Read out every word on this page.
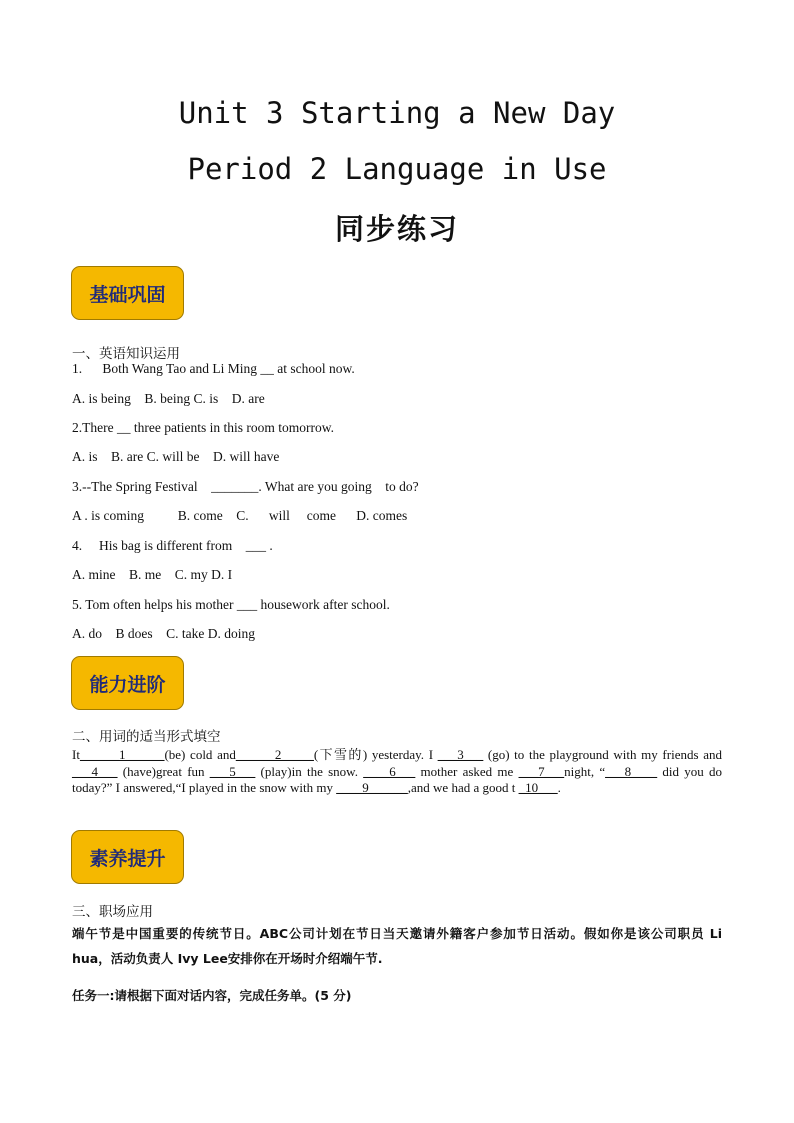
Unit 3 Starting a New Day
Period 2 Language in Use
同步练习
基础巩固
一、英语知识运用
1.      Both Wang Tao and Li Ming __ at school now.
A. is being    B. being C. is    D. are
2.There __ three patients in this room tomorrow.
A. is    B. are C. will be    D. will have
3.--The Spring Festival    _______. What are you going    to do?
A . is coming          B. come    C.      will     come      D. comes
4.     His bag is different from    ___ .
A. mine    B. me    C. my D. I
5. Tom often helps his mother ___ housework after school.
A. do    B does    C. take D. doing
能力进阶
二、用词的适当形式填空
It______1______(be) cold and______2_____(下雪的) yesterday. I ___3___ (go) to the playground with my friends and ___4___ (have)great fun ___5___ (play)in the snow. ____6___ mother asked me ___7___night, “___8____ did you do today?” I answered,“I played in the snow with my ____9______,and we had a good t _10___.
素养提升
三、职场应用
端午节是中国重要的传统节日。ABC公司计划在节日当天邀请外籍客户参加节日活动。假如你是该公司职员 Li hua，活动负责人 Ivy Lee安排你在开场时介绍端午节.
任务一:请根据下面对话内容，完成任务单。(5 分)
